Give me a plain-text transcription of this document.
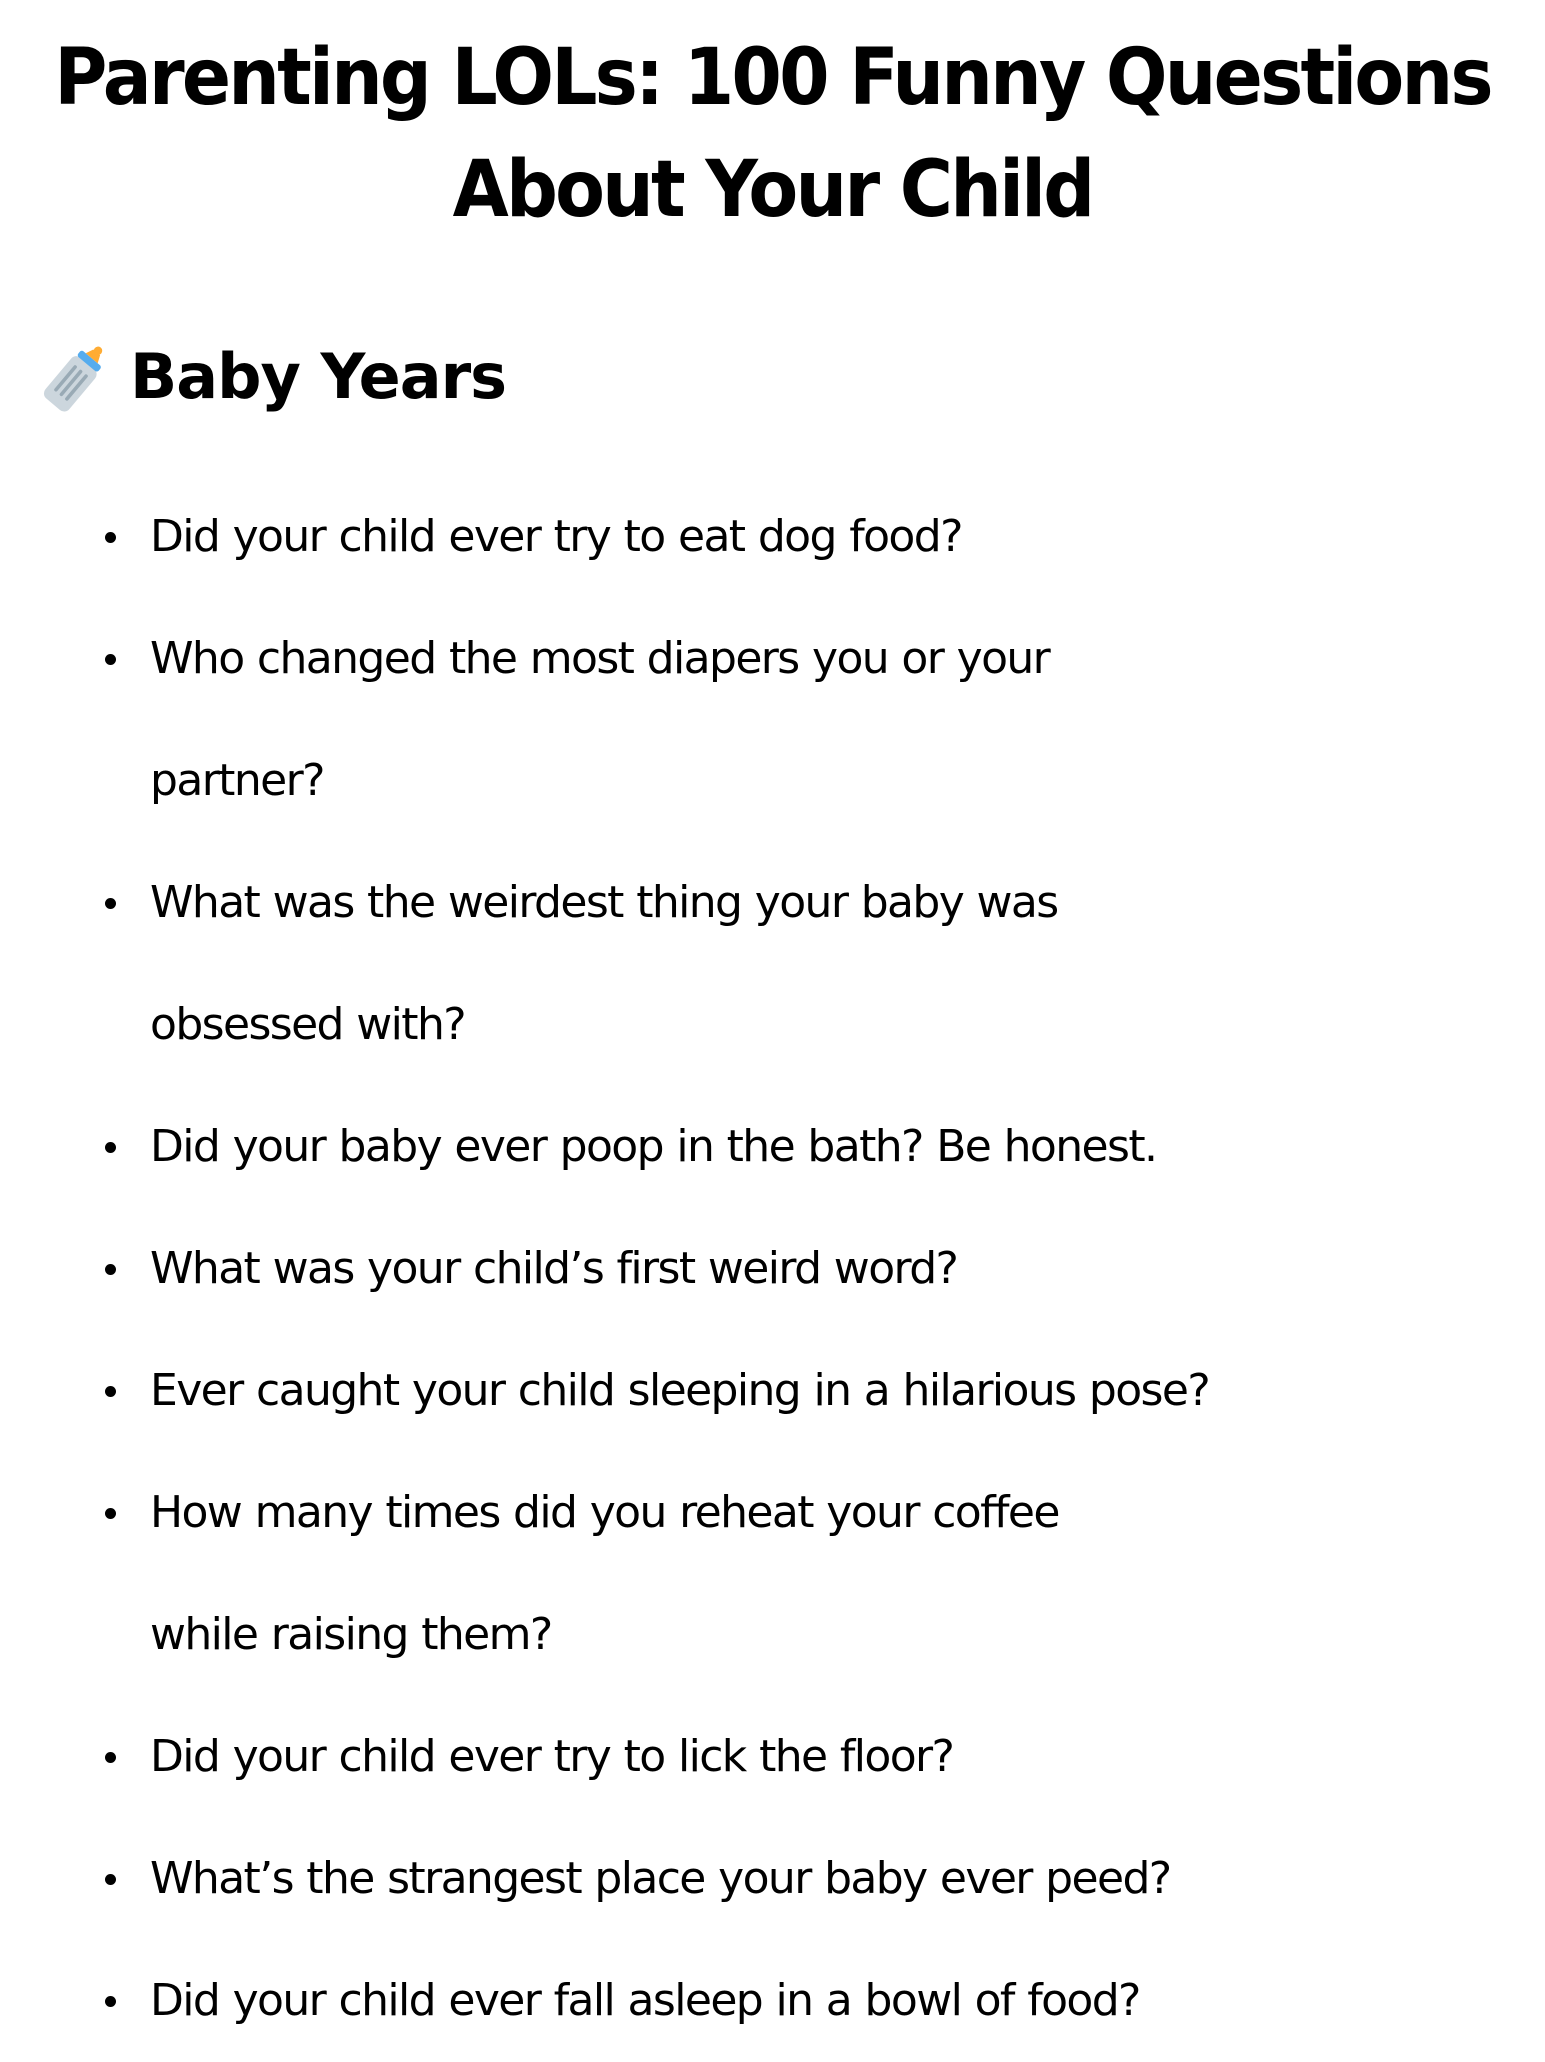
Parenting LOLs: 100 Funny Questions
About Your Child
Baby Years
Did your child ever try to eat dog food?
Who changed the most diapers you or your partner?
What was the weirdest thing your baby was obsessed with?
Did your baby ever poop in the bath? Be honest.
What was your child’s first weird word?
Ever caught your child sleeping in a hilarious pose?
How many times did you reheat your coffee while raising them?
Did your child ever try to lick the floor?
What’s the strangest place your baby ever peed?
Did your child ever fall asleep in a bowl of food?
